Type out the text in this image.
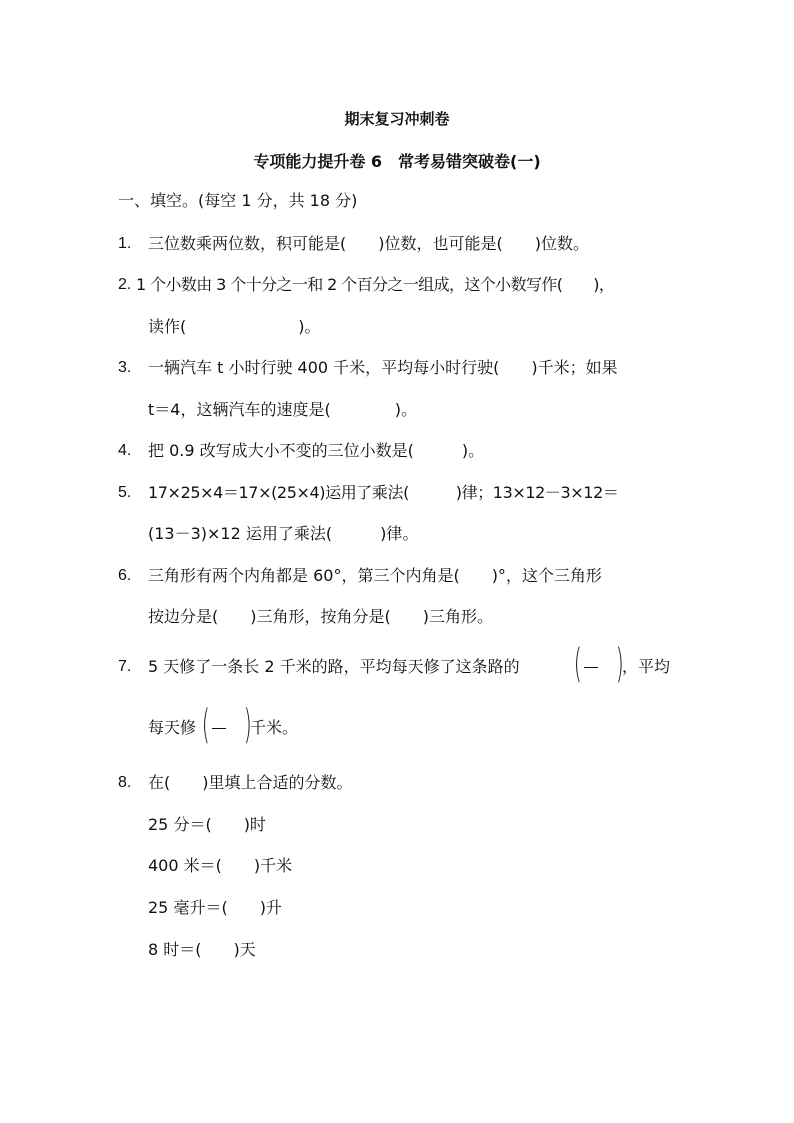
期末复习冲刺卷
专项能力提升卷 6　常考易错突破卷(一)
一、填空。(每空 1 分，共 18 分)
1. 三位数乘两位数，积可能是(　　)位数，也可能是(　　)位数。
2. 1 个小数由 3 个十分之一和 2 个百分之一组成，这个小数写作(　　)，
读作(　　　　　　　)。
3. 一辆汽车 t 小时行驶 400 千米，平均每小时行驶(　　)千米；如果
t＝4，这辆汽车的速度是(　　　　)。
4. 把 0.9 改写成大小不变的三位小数是(　　　)。
5. 17×25×4＝17×(25×4)运用了乘法(　　　)律；13×12－3×12＝
(13－3)×12 运用了乘法(　　　)律。
6. 三角形有两个内角都是 60°，第三个内角是(　　)°，这个三角形
按边分是(　　)三角形，按角分是(　　)三角形。
7. 5 天修了一条长 2 千米的路，平均每天修了这条路的 ( )
，平均
每天修 ( )
千米。
8. 在(　　)里填上合适的分数。
25 分＝(　　)时
400 米＝(　　)千米
25 毫升＝(　　)升
8 时＝(　　)天
